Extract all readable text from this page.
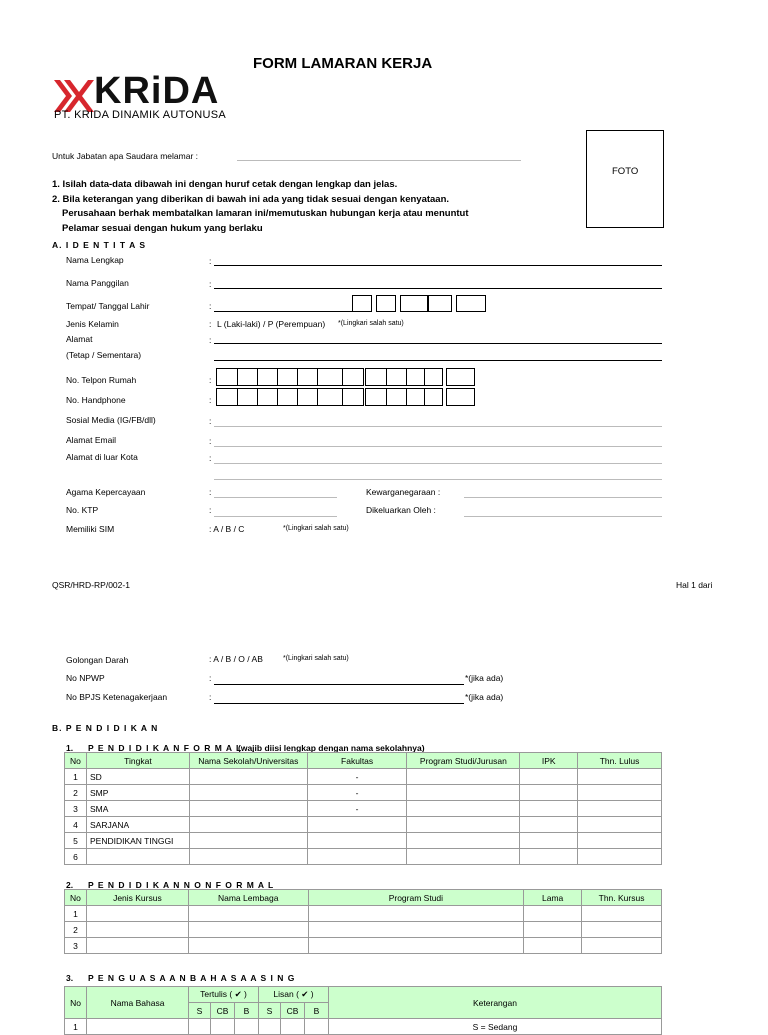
FORM LAMARAN KERJA
KRiDA
PT. KRIDA DINAMIK AUTONUSA
FOTO
Untuk Jabatan apa Saudara melamar :
1. Isilah data-data dibawah ini dengan huruf cetak dengan lengkap dan jelas.
2. Bila keterangan yang diberikan di bawah ini ada yang tidak sesuai dengan kenyataan.
Perusahaan berhak membatalkan lamaran ini/memutuskan hubungan kerja atau menuntut
Pelamar sesuai dengan hukum yang berlaku
A. I D E N T I T A S
Nama Lengkap	:
Nama Panggilan	:
Tempat/ Tanggal Lahir	:
Jenis Kelamin	: L (Laki-laki) / P (Perempuan) *(Lingkari salah satu)
Alamat	:
(Tetap / Sementara)
No. Telpon Rumah	:
No. Handphone	:
Sosial Media (IG/FB/dll)	:
Alamat Email	:
Alamat di luar Kota	:
Agama Kepercayaan	:	Kewarganegaraan :
No. KTP	:	Dikeluarkan Oleh :
Memiliki SIM	: A / B / C	*(Lingkari salah satu)
QSR/HRD-RP/002-1	Hal 1 dari
Golongan Darah	: A / B / O / AB	*(Lingkari salah satu)
No NPWP	:	*(jika ada)
No BPJS Ketenagakerjaan	:	*(jika ada)
B. P E N D I D I K A N
1. P E N D I D I K A N F O R M A L
(wajib diisi lengkap dengan nama sekolahnya)
No	Tingkat	Nama Sekolah/Universitas	Fakultas	Program Studi/Jurusan	IPK	Thn. Lulus
1	SD		-			
2	SMP		-			
3	SMA		-			
4	SARJANA					
5	PENDIDIKAN TINGGI					
6						
2. P E N D I D I K A N N O N F O R M A L
No	Jenis Kursus	Nama Lembaga	Program Studi	Lama	Thn. Kursus
1					
2					
3					
3. P E N G U A S A A N B A H A S A A S I N G
No	Nama Bahasa	Tertulis ( ✔ )			Lisan ( ✔ )			Keterangan
		S	CB	B	S	CB	B	
1								S = Sedang
